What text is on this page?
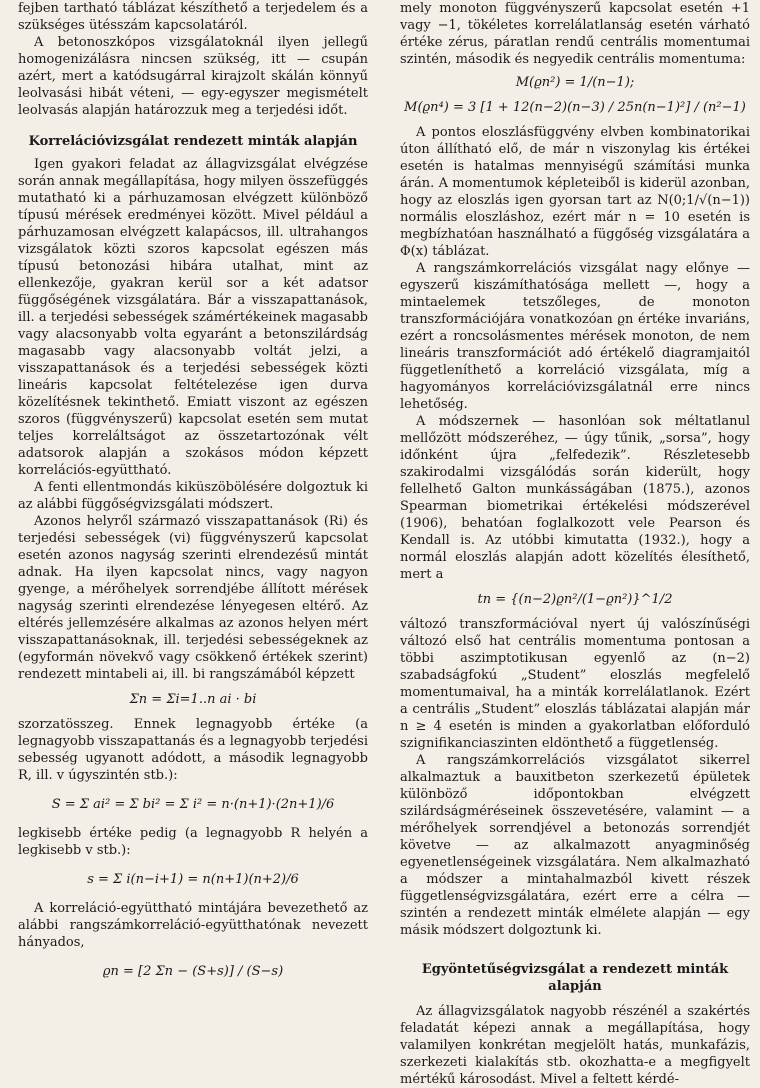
fejben tartható táblázat készíthető a terjedelem és a szükséges ütésszám kapcsolatáról.

A betonoszkópos vizsgálatoknál ilyen jellegű homogenizálásra nincsen szükség, itt — csupán azért, mert a katódsugárral kirajzolt skálán könnyű leolvasási hibát véteni, — egy-egyszer megismételt leolvasás alapján határozzuk meg a terjedési időt.

Korrelációvizsgálat rendezett minták alapján

Igen gyakori feladat az állagvizsgálat elvégzése során annak megállapítása, hogy milyen összefüggés mutatható ki a párhuzamosan elvégzett különböző típusú mérések eredményei között. Mivel például a párhuzamosan elvégzett kalapácsos, ill. ultrahangos vizsgálatok közti szoros kapcsolat egészen más típusú betonozási hibára utalhat, mint az ellenkezője, gyakran kerül sor a két adatsor függőségének vizsgálatára. Bár a visszapattanások, ill. a terjedési sebességek számértékeinek magasabb vagy alacsonyabb volta egyaránt a betonszilárdság magasabb vagy alacsonyabb voltát jelzi, a visszapattanások és a terjedési sebességek közti lineáris kapcsolat feltételezése igen durva közelítésnek tekinthető. Emiatt viszont az egészen szoros (függvényszerű) kapcsolat esetén sem mutat teljes korreláltságot az összetartozónak vélt adatsorok alapján a szokásos módon képzett korrelációs-együttható.

A fenti ellentmondás kiküszöbölésére dolgoztuk ki az alábbi függőségvizsgálati módszert.

Azonos helyről származó visszapattanások (Ri) és terjedési sebességek (vi) függvényszerű kapcsolat esetén azonos nagyság szerinti elrendezésű mintát adnak. Ha ilyen kapcsolat nincs, vagy nagyon gyenge, a mérőhelyek sorrendjébe állított mérések nagyság szerinti elrendezése lényegesen eltérő. Az eltérés jellemzésére alkalmas az azonos helyen mért visszapattanásoknak, ill. terjedési sebességeknek az (egyformán növekvő vagy csökkenő értékek szerint) rendezett mintabeli ai, ill. bi rangszámából képzett

Σn = Σi=1..n ai · bi

szorzatösszeg. Ennek legnagyobb értéke (a legnagyobb visszapattanás és a legnagyobb terjedési sebesség ugyanott adódott, a második legnagyobb R, ill. v úgyszintén stb.):

S = Σ ai² = Σ bi² = Σ i² = n·(n+1)·(2n+1)/6

legkisebb értéke pedig (a legnagyobb R helyén a legkisebb v stb.):

s = Σ i(n−i+1) = n(n+1)(n+2)/6

A korreláció-együttható mintájára bevezethető az alábbi rangszámkorreláció-együtthatónak nevezett hányados,

ϱn = [2 Σn − (S+s)] / (S−s)

mely monoton függvényszerű kapcsolat esetén +1 vagy −1, tökéletes korrelálatlanság esetén várható értéke zérus, páratlan rendű centrális momentumai szintén, második és negyedik centrális momentuma:

M(ϱn²) = 1/(n−1);

M(ϱn⁴) = 3 [1 + 12(n−2)(n−3) / 25n(n−1)²] / (n²−1)

A pontos eloszlásfüggvény elvben kombinatorikai úton állítható elő, de már n viszonylag kis értékei esetén is hatalmas mennyiségű számítási munka árán. A momentumok képleteiből is kiderül azonban, hogy az eloszlás igen gyorsan tart az N(0;1/√(n−1)) normális eloszláshoz, ezért már n = 10 esetén is megbízhatóan használható a függőség vizsgálatára a Φ(x) táblázat.

A rangszámkorrelációs vizsgálat nagy előnye — egyszerű kiszámíthatósága mellett —, hogy a mintaelemek tetszőleges, de monoton transzformációjára vonatkozóan ϱn értéke invariáns, ezért a roncsolásmentes mérések monoton, de nem lineáris transzformációt adó értékelő diagramjaitól függetleníthető a korreláció vizsgálata, míg a hagyományos korrelációvizsgálatnál erre nincs lehetőség.

A módszernek — hasonlóan sok méltatlanul mellőzött módszeréhez, — úgy tűnik, „sorsa”, hogy időnként újra „felfedezik”. Részletesebb szakirodalmi vizsgálódás során kiderült, hogy fellelhető Galton munkásságában (1875.), azonos Spearman biometrikai értékelési módszerével (1906), behatóan foglalkozott vele Pearson és Kendall is. Az utóbbi kimutatta (1932.), hogy a normál eloszlás alapján adott közelítés élesíthető, mert a

tn = {(n−2)ϱn²/(1−ϱn²)}^1/2

változó transzformációval nyert új valószínűségi változó első hat centrális momentuma pontosan a többi aszimptotikusan egyenlő az (n−2) szabadságfokú „Student” eloszlás megfelelő momentumaival, ha a minták korrelálatlanok. Ezért a centrális „Student” eloszlás táblázatai alapján már n ≥ 4 esetén is minden a gyakorlatban előforduló szignifikanciaszinten eldönthető a függetlenség.

A rangszámkorrelációs vizsgálatot sikerrel alkalmaztuk a bauxitbeton szerkezetű épületek különböző időpontokban elvégzett szilárdságméréseinek összevetésére, valamint — a mérőhelyek sorrendjével a betonozás sorrendjét követve — az alkalmazott anyagminőség egyenetlenségeinek vizsgálatára. Nem alkalmazható a módszer a mintahalmazból kivett részek függetlenségvizsgálatára, ezért erre a célra — szintén a rendezett minták elmélete alapján — egy másik módszert dolgoztunk ki.

Egyöntetűségvizsgálat a rendezett minták alapján

Az állagvizsgálatok nagyobb részénél a szakértés feladatát képezi annak a megállapítása, hogy valamilyen konkrétan megjelölt hatás, munkafázis, szerkezeti kialakítás stb. okozhatta-e a megfigyelt mértékű károsodást. Mivel a feltett kérdé-
